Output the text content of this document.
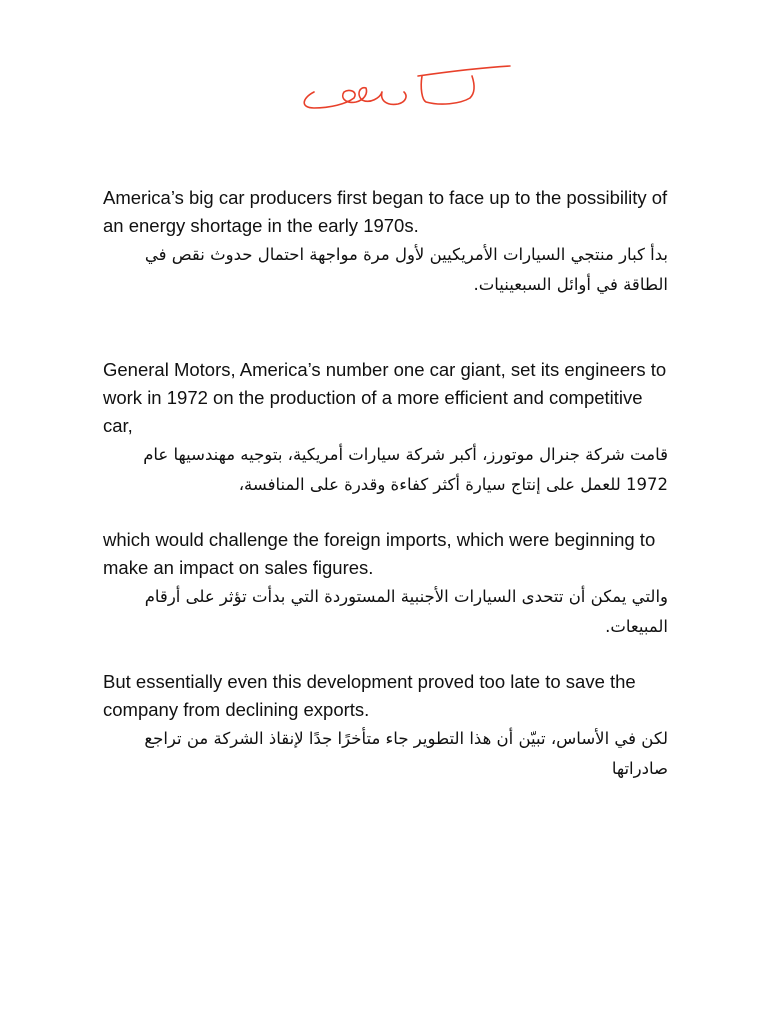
America’s big car producers first began to face up to the possibility of an energy shortage in the early 1970s.

بدأ كبار منتجي السيارات الأمريكيين لأول مرة مواجهة احتمال حدوث نقص في الطاقة في أوائل السبعينيات.

General Motors, America’s number one car giant, set its engineers to work in 1972 on the production of a more efficient and competitive car,

قامت شركة جنرال موتورز، أكبر شركة سيارات أمريكية، بتوجيه مهندسيها عام 1972 للعمل على إنتاج سيارة أكثر كفاءة وقدرة على المنافسة،

which would challenge the foreign imports, which were beginning to make an impact on sales figures.

والتي يمكن أن تتحدى السيارات الأجنبية المستوردة التي بدأت تؤثر على أرقام المبيعات.

But essentially even this development proved too late to save the company from declining exports.

لكن في الأساس، تبيّن أن هذا التطوير جاء متأخرًا جدًا لإنقاذ الشركة من تراجع صادراتها
